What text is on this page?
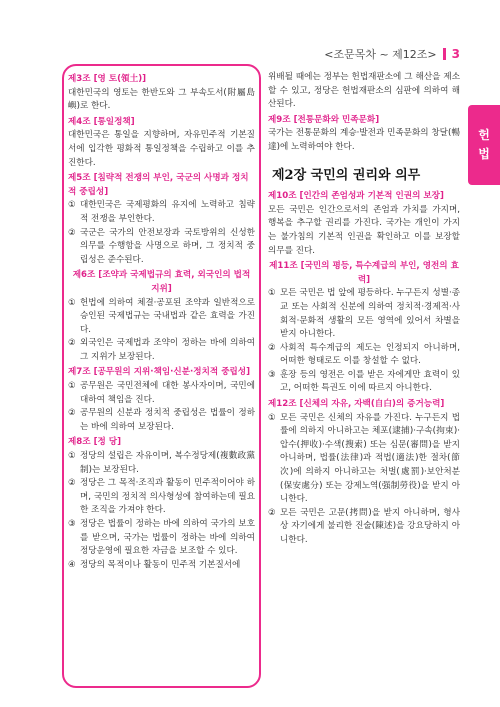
<조문목차 ~ 제12조> 3
헌
법
제3조 [영 토(領土)]
대한민국의 영토는 한반도와 그 부속도서(附屬島嶼)로 한다.
제4조 [통일정책]
대한민국은 통일을 지향하며, 자유민주적 기본질서에 입각한 평화적 통일정책을 수립하고 이를 추진한다.
제5조 [침략적 전쟁의 부인, 국군의 사명과 정치적 중립성]
① 대한민국은 국제평화의 유지에 노력하고 침략적 전쟁을 부인한다.
② 국군은 국가의 안전보장과 국토방위의 신성한 의무를 수행함을 사명으로 하며, 그 정치적 중립성은 준수된다.
제6조 [조약과 국제법규의 효력, 외국인의 법적 지위]
① 헌법에 의하여 체결·공포된 조약과 일반적으로 승인된 국제법규는 국내법과 같은 효력을 가진다.
② 외국인은 국제법과 조약이 정하는 바에 의하여 그 지위가 보장된다.
제7조 [공무원의 지위·책임·신분·정치적 중립성]
① 공무원은 국민전체에 대한 봉사자이며, 국민에 대하여 책임을 진다.
② 공무원의 신분과 정치적 중립성은 법률이 정하는 바에 의하여 보장된다.
제8조 [정 당]
① 정당의 설립은 자유이며, 복수정당제(複數政黨制)는 보장된다.
② 정당은 그 목적·조직과 활동이 민주적이어야 하며, 국민의 정치적 의사형성에 참여하는데 필요한 조직을 가져야 한다.
③ 정당은 법률이 정하는 바에 의하여 국가의 보호를 받으며, 국가는 법률이 정하는 바에 의하여 정당운영에 필요한 자금을 보조할 수 있다.
④ 정당의 목적이나 활동이 민주적 기본질서에
위배될 때에는 정부는 헌법재판소에 그 해산을 제소할 수 있고, 정당은 헌법재판소의 심판에 의하여 해산된다.
제9조 [전통문화와 민족문화]
국가는 전통문화의 계승·발전과 민족문화의 창달(暢達)에 노력하여야 한다.
제2장 국민의 권리와 의무
제10조 [인간의 존엄성과 기본적 인권의 보장]
모든 국민은 인간으로서의 존엄과 가치를 가지며, 행복을 추구할 권리를 가진다. 국가는 개인이 가지는 불가침의 기본적 인권을 확인하고 이를 보장할 의무를 진다.
제11조 [국민의 평등, 특수계급의 부인, 영전의 효력]
① 모든 국민은 법 앞에 평등하다. 누구든지 성별·종교 또는 사회적 신분에 의하여 정치적·경제적·사회적·문화적 생활의 모든 영역에 있어서 차별을 받지 아니한다.
② 사회적 특수계급의 제도는 인정되지 아니하며, 어떠한 형태로도 이를 창설할 수 없다.
③ 훈장 등의 영전은 이를 받은 자에게만 효력이 있고, 어떠한 특권도 이에 따르지 아니한다.
제12조 [신체의 자유, 자백(自白)의 증거능력]
① 모든 국민은 신체의 자유를 가진다. 누구든지 법률에 의하지 아니하고는 체포(逮捕)·구속(拘束)·압수(押收)·수색(搜索) 또는 심문(審問)을 받지 아니하며, 법률(法律)과 적법(適法)한 절차(節次)에 의하지 아니하고는 처벌(處罰)·보안처분(保安處分) 또는 강제노역(强制勞役)을 받지 아니한다.
② 모든 국민은 고문(拷問)을 받지 아니하며, 형사상 자기에게 불리한 진술(陳述)을 강요당하지 아니한다.
